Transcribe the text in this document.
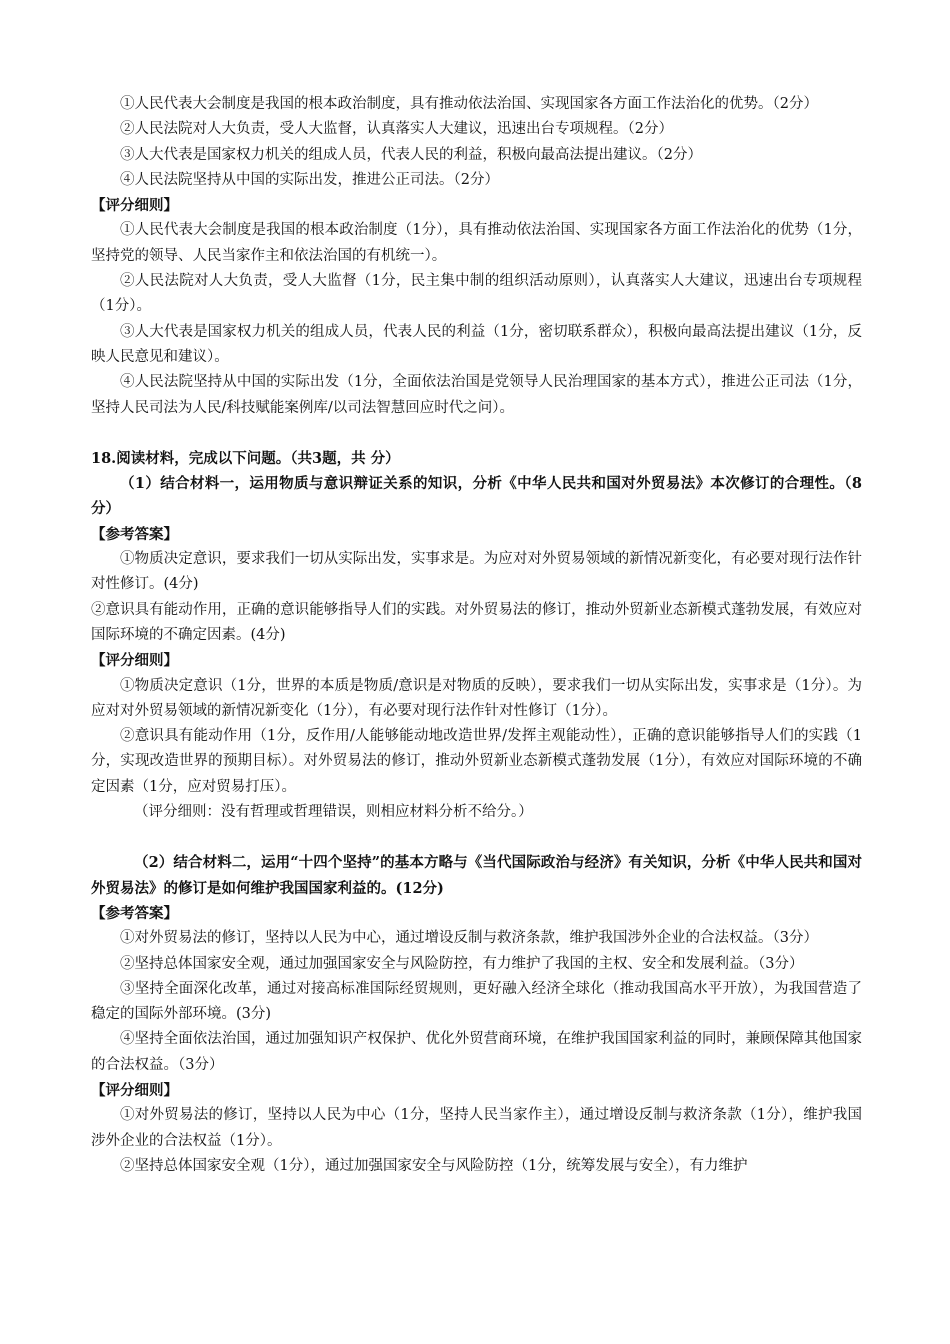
①人民代表大会制度是我国的根本政治制度，具有推动依法治国、实现国家各方面工作法治化的优势。（2分）

②人民法院对人大负责，受人大监督，认真落实人大建议，迅速出台专项规程。（2分）

③人大代表是国家权力机关的组成人员，代表人民的利益，积极向最高法提出建议。（2分）

④人民法院坚持从中国的实际出发，推进公正司法。（2分）

【评分细则】

①人民代表大会制度是我国的根本政治制度（1分），具有推动依法治国、实现国家各方面工作法治化的优势（1分，坚持党的领导、人民当家作主和依法治国的有机统一）。

②人民法院对人大负责，受人大监督（1分，民主集中制的组织活动原则），认真落实人大建议，迅速出台专项规程（1分）。

③人大代表是国家权力机关的组成人员，代表人民的利益（1分，密切联系群众），积极向最高法提出建议（1分，反映人民意见和建议）。

④人民法院坚持从中国的实际出发（1分，全面依法治国是党领导人民治理国家的基本方式），推进公正司法（1分，坚持人民司法为人民/科技赋能案例库/以司法智慧回应时代之问）。

18.阅读材料，完成以下问题。（共3题，共 分）

（1）结合材料一，运用物质与意识辩证关系的知识，分析《中华人民共和国对外贸易法》本次修订的合理性。（8分）

【参考答案】

①物质决定意识，要求我们一切从实际出发，实事求是。为应对对外贸易领域的新情况新变化，有必要对现行法作针对性修订。(4分)

②意识具有能动作用，正确的意识能够指导人们的实践。对外贸易法的修订，推动外贸新业态新模式蓬勃发展，有效应对国际环境的不确定因素。(4分)

【评分细则】

①物质决定意识（1分，世界的本质是物质/意识是对物质的反映），要求我们一切从实际出发，实事求是（1分）。为应对对外贸易领域的新情况新变化（1分），有必要对现行法作针对性修订（1分）。

②意识具有能动作用（1分，反作用/人能够能动地改造世界/发挥主观能动性），正确的意识能够指导人们的实践（1分，实现改造世界的预期目标）。对外贸易法的修订，推动外贸新业态新模式蓬勃发展（1分），有效应对国际环境的不确定因素（1分，应对贸易打压）。

（评分细则：没有哲理或哲理错误，则相应材料分析不给分。）

（2）结合材料二，运用“十四个坚持”的基本方略与《当代国际政治与经济》有关知识，分析《中华人民共和国对外贸易法》的修订是如何维护我国国家利益的。(12分)

【参考答案】

①对外贸易法的修订，坚持以人民为中心，通过增设反制与救济条款，维护我国涉外企业的合法权益。（3分）

②坚持总体国家安全观，通过加强国家安全与风险防控，有力维护了我国的主权、安全和发展利益。（3分）

③坚持全面深化改革，通过对接高标准国际经贸规则，更好融入经济全球化（推动我国高水平开放），为我国营造了稳定的国际外部环境。(3分)

④坚持全面依法治国，通过加强知识产权保护、优化外贸营商环境，在维护我国国家利益的同时，兼顾保障其他国家的合法权益。（3分）

【评分细则】

①对外贸易法的修订，坚持以人民为中心（1分，坚持人民当家作主），通过增设反制与救济条款（1分），维护我国涉外企业的合法权益（1分）。

②坚持总体国家安全观（1分），通过加强国家安全与风险防控（1分，统筹发展与安全），有力维护
